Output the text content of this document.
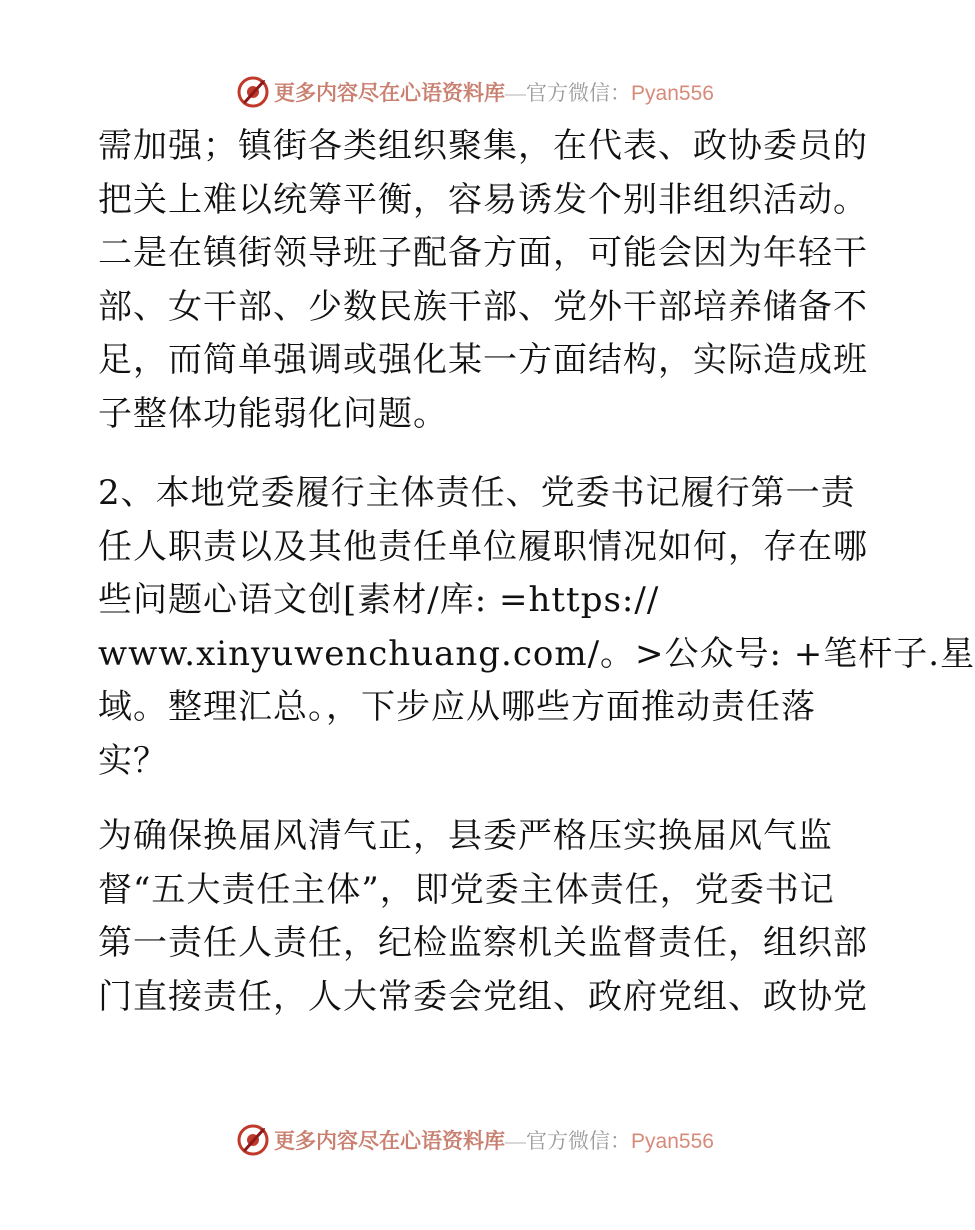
更多内容尽在心语资料库—官方微信：Pyan556

需加强；镇街各类组织聚集，在代表、政协委员的
把关上难以统筹平衡，容易诱发个别非组织活动。
二是在镇街领导班子配备方面，可能会因为年轻干
部、女干部、少数民族干部、党外干部培养储备不
足，而简单强调或强化某一方面结构，实际造成班
子整体功能弱化问题。

2、本地党委履行主体责任、党委书记履行第一责
任人职责以及其他责任单位履职情况如何，存在哪
些问题心语文创[素材/库: =https://
www.xinyuwenchuang.com/。>公众号: +笔杆子.星
域。整理汇总。，下步应从哪些方面推动责任落
实？

为确保换届风清气正，县委严格压实换届风气监
督“五大责任主体”，即党委主体责任，党委书记
第一责任人责任，纪检监察机关监督责任，组织部
门直接责任，人大常委会党组、政府党组、政协党

更多内容尽在心语资料库—官方微信：Pyan556
